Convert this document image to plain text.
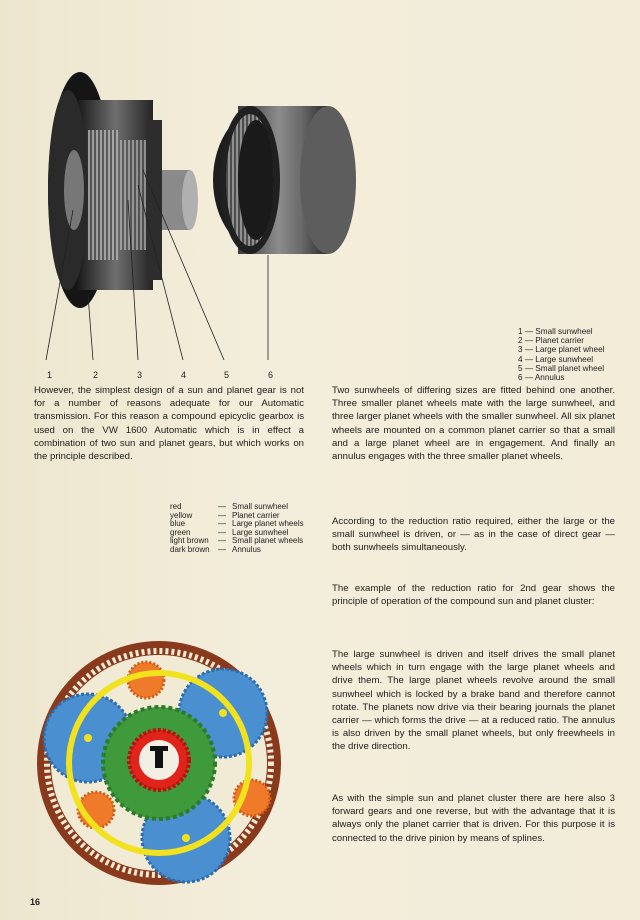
1	2	3	4	5	6
1 — Small sunwheel
2 — Planet carrier
3 — Large planet wheel
4 — Large sunwheel
5 — Small planet wheel
6 — Annulus

However, the simplest design of a sun and planet gear is not for a number of reasons adequate for our Automatic transmission. For this reason a compound epicyclic gearbox is used on the VW 1600 Automatic which is in effect a combination of two sun and planet gears, but which works on the principle described.

red	— Small sunwheel
yellow	— Planet carrier
blue	— Large planet wheels
green	— Large sunwheel
light brown	— Small planet wheels
dark brown	— Annulus

Two sunwheels of differing sizes are fitted behind one another. Three smaller planet wheels mate with the large sunwheel, and three larger planet wheels with the smaller sunwheel. All six planet wheels are mounted on a common planet carrier so that a small and a large planet wheel are in engagement. And finally an annulus engages with the three smaller planet wheels.

According to the reduction ratio required, either the large or the small sunwheel is driven, or — as in the case of direct gear — both sunwheels simultaneously.

The example of the reduction ratio for 2nd gear shows the principle of operation of the compound sun and planet cluster:

The large sunwheel is driven and itself drives the small planet wheels which in turn engage with the large planet wheels and drive them. The large planet wheels revolve around the small sunwheel which is locked by a brake band and therefore cannot rotate. The planets now drive via their bearing journals the planet carrier — which forms the drive — at a reduced ratio. The annulus is also driven by the small planet wheels, but only freewheels in the drive direction.

As with the simple sun and planet cluster there are here also 3 forward gears and one reverse, but with the advantage that it is always only the planet carrier that is driven. For this purpose it is connected to the drive pinion by means of splines.

16
